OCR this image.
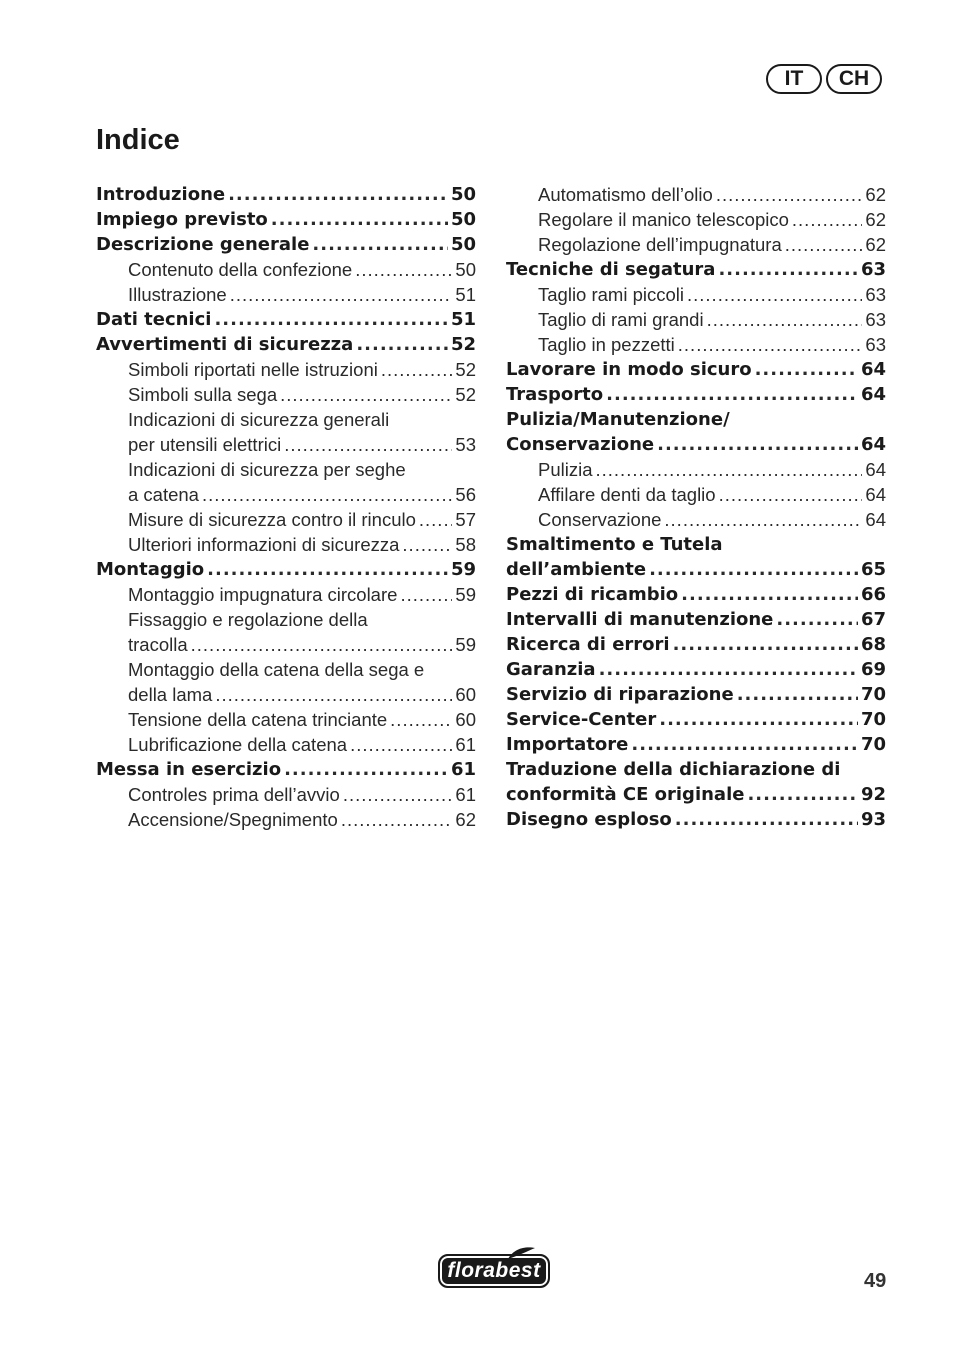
IT	CH
Indice
Introduzione .....	50
Impiego previsto .....	50
Descrizione generale .....	50
Contenuto della confezione .....	50
Illustrazione .....	51
Dati tecnici .....	51
Avvertimenti di sicurezza .....	52
Simboli riportati nelle istruzioni .....	52
Simboli sulla sega .....	52
Indicazioni di sicurezza generali
per utensili elettrici .....	53
Indicazioni di sicurezza per seghe
a catena .....	56
Misure di sicurezza contro il rinculo ..... 57
Ulteriori informazioni di sicurezza .....	58
Montaggio .....	59
Montaggio impugnatura circolare .....	59
Fissaggio e regolazione della
tracolla .....	59
Montaggio della catena della sega e
della lama .....	60
Tensione della catena trinciante .....	60
Lubrificazione della catena .....	61
Messa in esercizio .....	61
Controles prima dell’avvio .....	61
Accensione/Spegnimento .....	62
Automatismo dell’olio .....	62
Regolare il manico telescopico .....	62
Regolazione dell’impugnatura .....	62
Tecniche di segatura .....	63
Taglio rami piccoli .....	63
Taglio di rami grandi .....	63
Taglio in pezzetti .....	63
Lavorare in modo sicuro .....	64
Trasporto .....	64
Pulizia/Manutenzione/
Conservazione .....	64
Pulizia .....	64
Affilare denti da taglio .....	64
Conservazione .....	64
Smaltimento e Tutela
dell’ambiente .....	65
Pezzi di ricambio .....	66
Intervalli di manutenzione .....	67
Ricerca di errori .....	68
Garanzia .....	69
Servizio di riparazione .....	70
Service-Center .....	70
Importatore .....	70
Traduzione della dichiarazione di
conformità CE originale .....	92
Disegno esploso .....	93
florabest	49
